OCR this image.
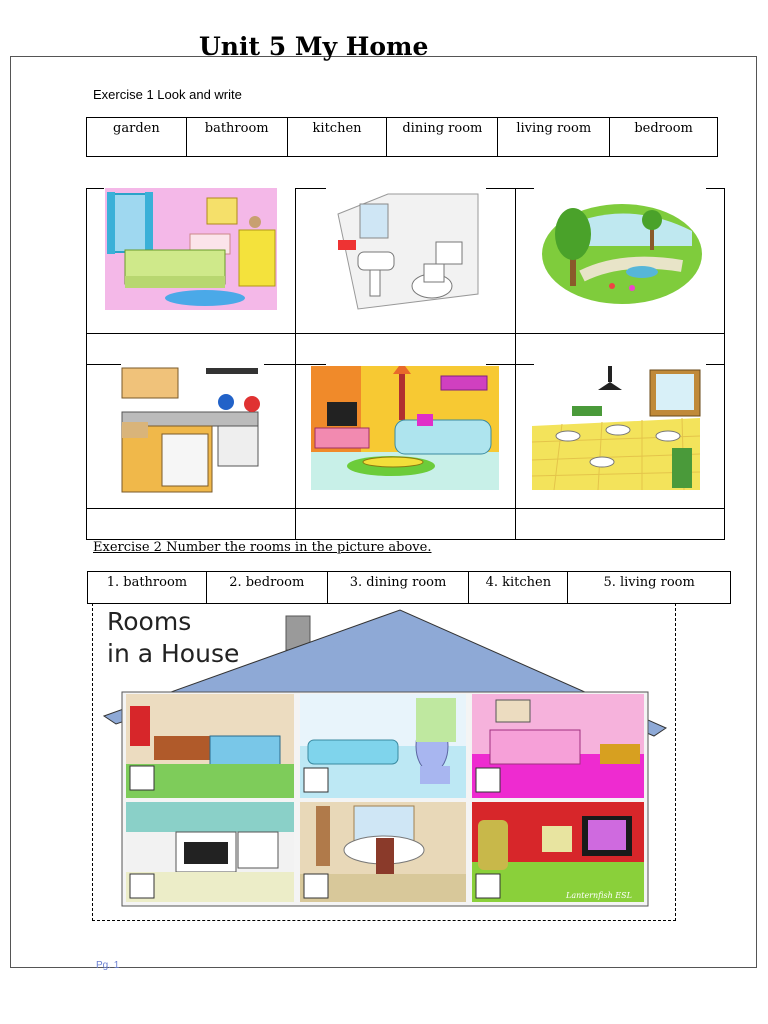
Unit 5 My Home
Exercise 1 Look and write
garden	bathroom	kitchen	dining room	living room	bedroom
Exercise 2 Number the rooms in the picture above.
1. bathroom	2. bedroom	3. dining room	4. kitchen	5. living room
Lanternfish ESL
Rooms
in a House
Pg. 1
